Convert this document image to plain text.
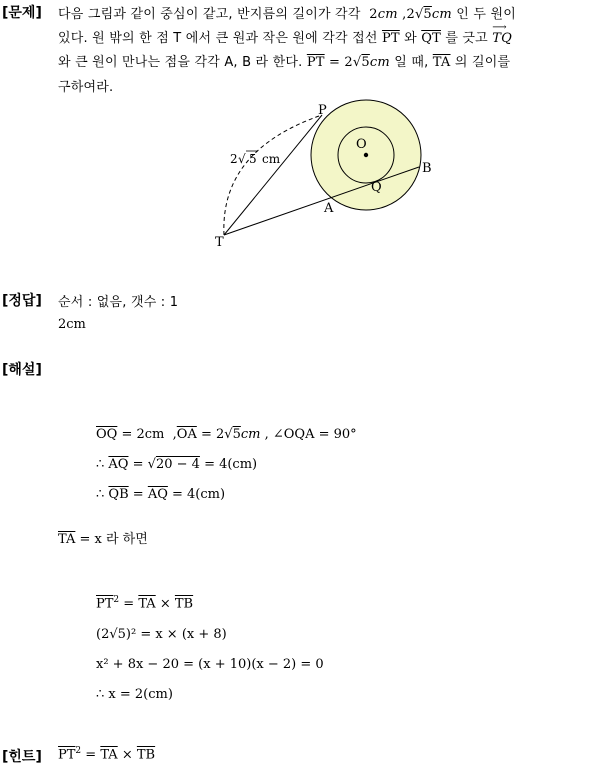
[문제] 다음 그림과 같이 중심이 같고, 반지름의 길이가 각각 2cm ,2√5cm 인 두 원이
있다. 원 밖의 한 점 T 에서 큰 원과 작은 원에 각각 접선 $\overline{PT}$ 와 $\overline{QT}$ 를 긋고
⟶
TQ
와 큰 원이 만나는 점을 각각 A, B 라 한다. $\overline{PT} = 2√5cm$ 일 때, $\overline{TA}$ 의 길이를
구하여라.
P
O
B
Q
A
T
2 √ 5 cm
[정답] 순서 : 없음, 갯수 : 1
2cm
[해설]
$\overline{OQ} = 2cm$  $,\overline{OA} = 2√5cm$ , ∠OQA = 90°
∴ $\overline{AQ} = √20 - 4 = 4(cm)$
∴ $\overline{QB} = \overline{AQ} = 4(cm)$
$\overline{TA} = x$ 라 하면
$\overline{PT}^2 = \overline{TA} \times \overline{TB}$
(2√5)² = x × (x + 8)
x² + 8x − 20 = (x + 10)(x − 2) = 0
∴ x = 2(cm)
[힌트] $\overline{PT}^2 = \overline{TA} \times \overline{TB}$
